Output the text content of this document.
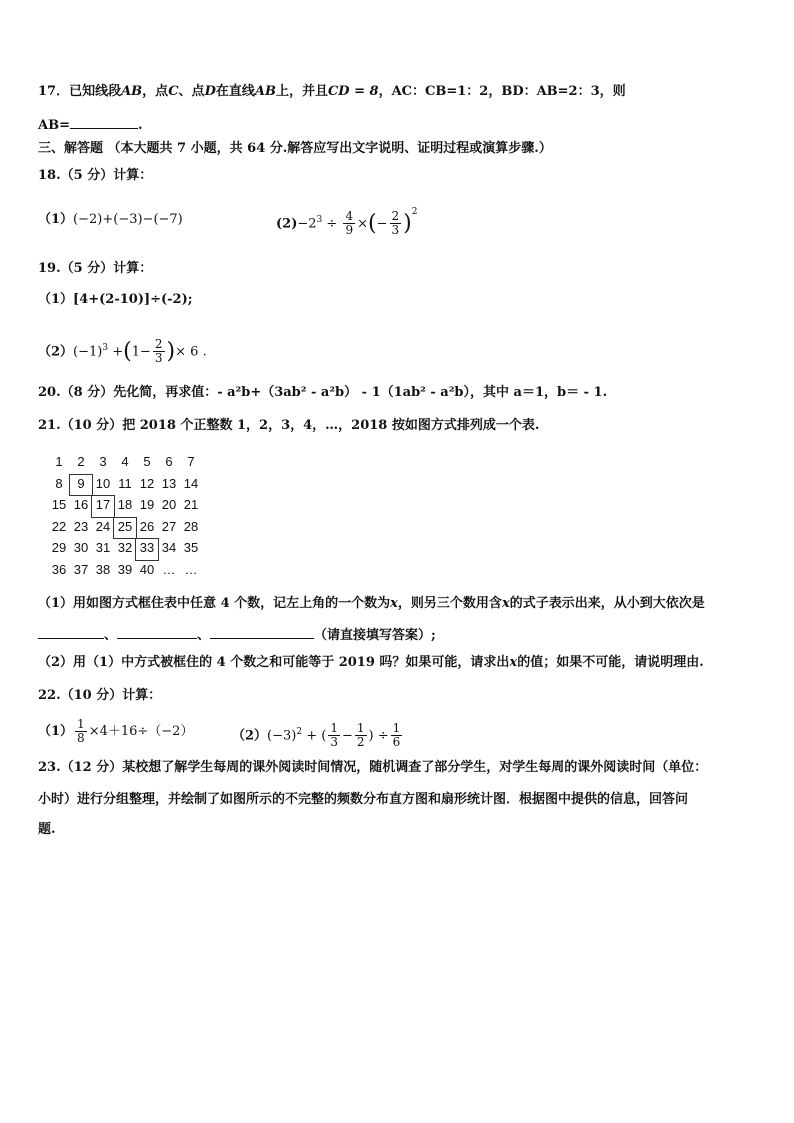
17．已知线段AB，点C、点D在直线AB上，并且CD = 8，AC：CB=1：2，BD：AB=2：3，则
AB=	.
三、解答题 （本大题共 7 小题，共 64 分.解答应写出文字说明、证明过程或演算步骤.）
18.（5 分）计算：
（1）(−2)+(−3)−(−7)	$(2)-2^3 \div \frac{4}{9}$ ×(− $\frac{2}{3} )^2$
19.（5 分）计算：
（1）[4+(2-10)]÷(-2);
$(2)(-1)^3 +(1- \frac{2}{3}$ )× 6 .
20.（8 分）先化简，再求值：- a²b+（3ab² - a²b） - 1（1ab² - a²b），其中 a＝1，b＝ - 1.
21.（10 分）把 2018 个正整数 1，2，3，4，…，2018 按如图方式排列成一个表.
1	2	3	4	5	6	7
8	9 10 11 12 13 14
15 16 17 18 19 20 21
22 23 24 25 26 27 28
29 30 31 32 33 34 35
36 37 38 39 40 … …
（1）用如图方式框住表中任意 4 个数，记左上角的一个数为x，则另三个数用含x的式子表示出来，从小到大依次是
、	、	（请直接填写答案）;
（2）用（1）中方式被框住的 4 个数之和可能等于 2019 吗？如果可能，请求出x的值；如果不可能，请说明理由.
22.（10 分）计算：
$(1) \frac{1}{8} \times 4+16\div(-2)$	$(2)(-3)^2$ + ( $\frac{1}{3} - \frac{1}{2}$ ) ÷ $\frac{1}{6}$
23.（12 分）某校想了解学生每周的课外阅读时间情况，随机调查了部分学生，对学生每周的课外阅读时间（单位：
小时）进行分组整理，并绘制了如图所示的不完整的频数分布直方图和扇形统计图．根据图中提供的信息，回答问
题.
